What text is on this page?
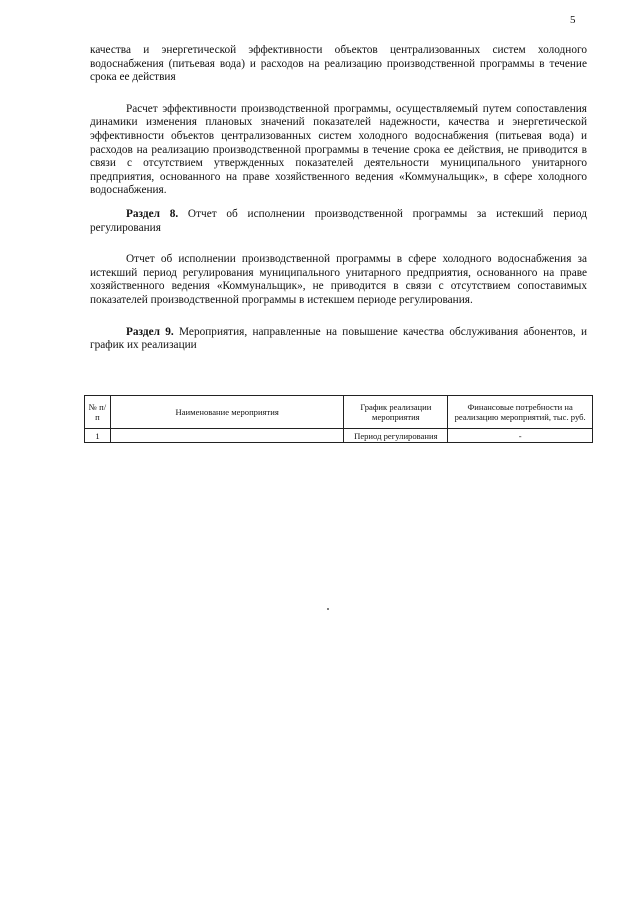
5

качества и энергетической эффективности объектов централизованных систем холодного водоснабжения (питьевая вода) и расходов на реализацию производственной программы в течение срока ее действия

Расчет эффективности производственной программы, осуществляемый путем сопоставления динамики изменения плановых значений показателей надежности, качества и энергетической эффективности объектов централизованных систем холодного водоснабжения (питьевая вода) и расходов на реализацию производственной программы в течение срока ее действия, не приводится в связи с отсутствием утвержденных показателей деятельности муниципального унитарного предприятия, основанного на праве хозяйственного ведения «Коммунальщик», в сфере холодного водоснабжения.

Раздел 8. Отчет об исполнении производственной программы за истекший период регулирования

Отчет об исполнении производственной программы в сфере холодного водоснабжения за истекший период регулирования муниципального унитарного предприятия, основанного на праве хозяйственного ведения «Коммунальщик», не приводится в связи с отсутствием сопоставимых показателей производственной программы в истекшем периоде регулирования.

Раздел 9. Мероприятия, направленные на повышение качества обслуживания абонентов, и график их реализации

№ п/п	Наименование мероприятия	График реализации мероприятия	Финансовые потребности на реализацию мероприятий, тыс. руб.
1		Период регулирования	-
